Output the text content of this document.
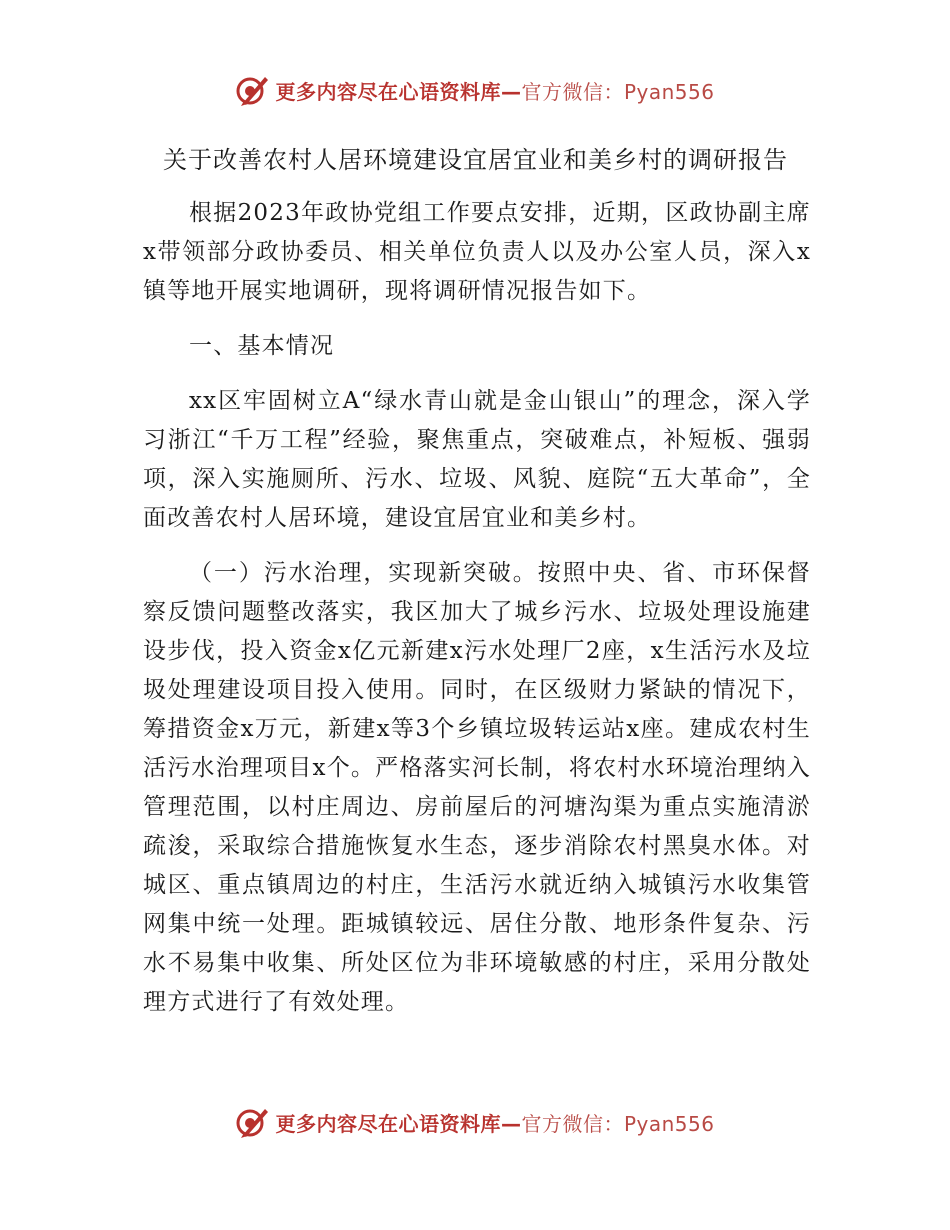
更多内容尽在心语资料库—官方微信：Pyan556
关于改善农村人居环境建设宜居宜业和美乡村的调研报告

根据2023年政协党组工作要点安排，近期，区政协副主席x带领部分政协委员、相关单位负责人以及办公室人员，深入x镇等地开展实地调研，现将调研情况报告如下。

一、基本情况

xx区牢固树立A“绿水青山就是金山银山”的理念，深入学习浙江“千万工程”经验，聚焦重点，突破难点，补短板、强弱项，深入实施厕所、污水、垃圾、风貌、庭院“五大革命”，全面改善农村人居环境，建设宜居宜业和美乡村。

（一）污水治理，实现新突破。按照中央、省、市环保督察反馈问题整改落实，我区加大了城乡污水、垃圾处理设施建设步伐，投入资金x亿元新建x污水处理厂2座，x生活污水及垃圾处理建设项目投入使用。同时，在区级财力紧缺的情况下，筹措资金x万元，新建x等3个乡镇垃圾转运站x座。建成农村生活污水治理项目x个。严格落实河长制，将农村水环境治理纳入管理范围，以村庄周边、房前屋后的河塘沟渠为重点实施清淤疏浚，采取综合措施恢复水生态，逐步消除农村黑臭水体。对城区、重点镇周边的村庄，生活污水就近纳入城镇污水收集管网集中统一处理。距城镇较远、居住分散、地形条件复杂、污水不易集中收集、所处区位为非环境敏感的村庄，采用分散处理方式进行了有效处理。

更多内容尽在心语资料库—官方微信：Pyan556
